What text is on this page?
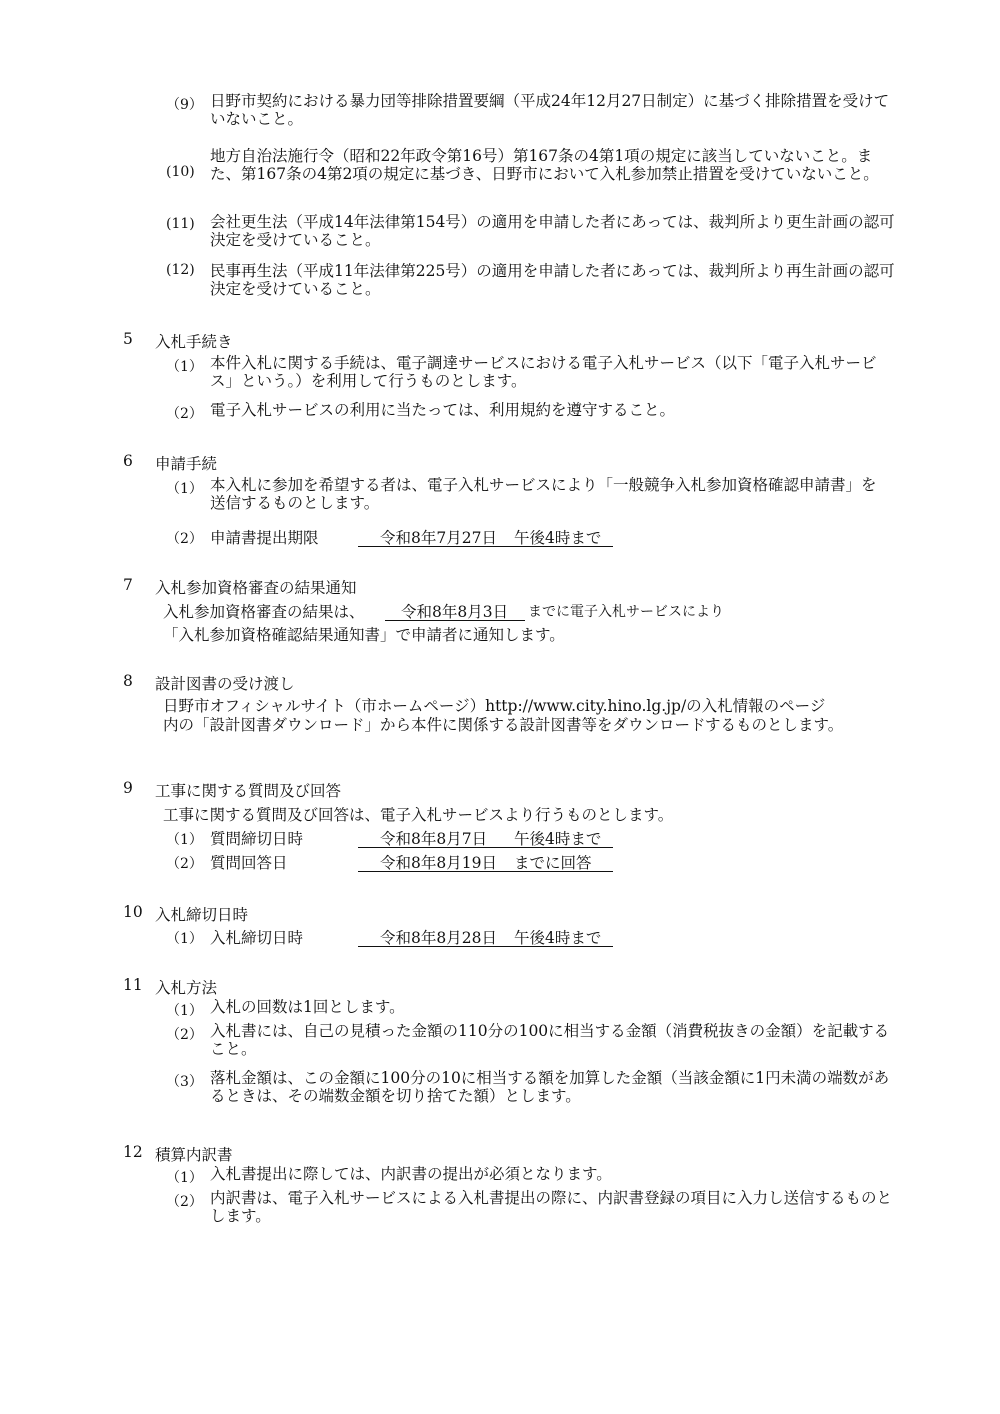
（9） 日野市契約における暴力団等排除措置要綱（平成24年12月27日制定）に基づく排除措置を受けていないこと。
(10)
地方自治法施行令（昭和22年政令第16号）第167条の4第1項の規定に該当していないこと。また、第167条の4第2項の規定に基づき、日野市において入札参加禁止措置を受けていないこと。
(11) 会社更生法（平成14年法律第154号）の適用を申請した者にあっては、裁判所より更生計画の認可決定を受けていること。
(12) 民事再生法（平成11年法律第225号）の適用を申請した者にあっては、裁判所より再生計画の認可決定を受けていること。
5 入札手続き
（1） 本件入札に関する手続は、電子調達サービスにおける電子入札サービス（以下「電子入札サービス」という。）を利用して行うものとします。
（2） 電子入札サービスの利用に当たっては、利用規約を遵守すること。
6 申請手続
（1） 本入札に参加を希望する者は、電子入札サービスにより「一般競争入札参加資格確認申請書」を送信するものとします。
（2） 申請書提出期限	令和8年7月27日 午後4時まで
7 入札参加資格審査の結果通知
入札参加資格審査の結果は、 令和8年8月3日 までに電子入札サービスにより
「入札参加資格確認結果通知書」で申請者に通知します。
8 設計図書の受け渡し
日野市オフィシャルサイト（市ホームページ）http://www.city.hino.lg.jp/の入札情報のページ
内の「設計図書ダウンロード」から本件に関係する設計図書等をダウンロードするものとします。
9 工事に関する質問及び回答
工事に関する質問及び回答は、電子入札サービスより行うものとします。
（1） 質問締切日時	令和8年8月7日 午後4時まで
（2） 質問回答日	令和8年8月19日 までに回答
10 入札締切日時
（1） 入札締切日時	令和8年8月28日 午後4時まで
11 入札方法
（1） 入札の回数は1回とします。
（2） 入札書には、自己の見積った金額の110分の100に相当する金額（消費税抜きの金額）を記載すること。
（3） 落札金額は、この金額に100分の10に相当する額を加算した金額（当該金額に1円未満の端数があるときは、その端数金額を切り捨てた額）とします。
12 積算内訳書
（1） 入札書提出に際しては、内訳書の提出が必須となります。
（2） 内訳書は、電子入札サービスによる入札書提出の際に、内訳書登録の項目に入力し送信するものとします。
